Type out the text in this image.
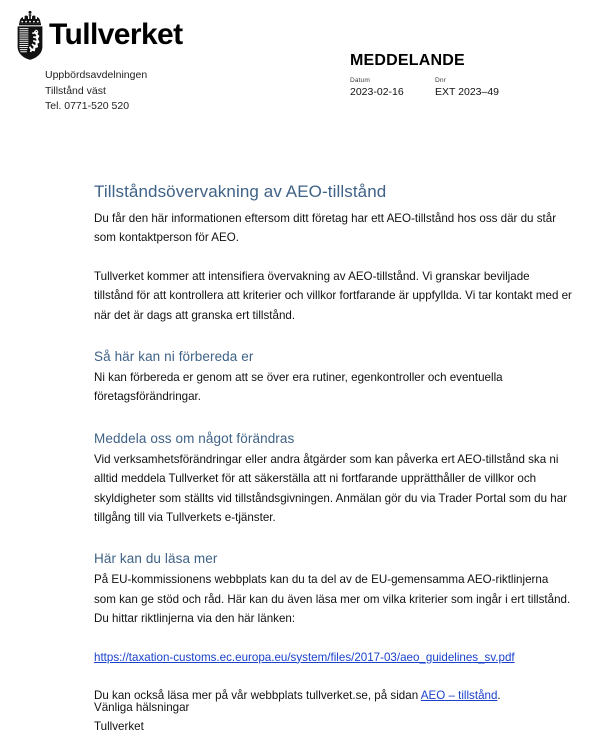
Tullverket
Uppbördsavdelningen
Tillstånd väst
Tel. 0771-520 520
MEDDELANDE
Datum
2023-02-16
Dnr
EXT 2023–49
Tillståndsövervakning av AEO-tillstånd

Du får den här informationen eftersom ditt företag har ett AEO-tillstånd hos oss där du står som kontaktperson för AEO.

Tullverket kommer att intensifiera övervakning av AEO-tillstånd. Vi granskar beviljade tillstånd för att kontrollera att kriterier och villkor fortfarande är uppfyllda. Vi tar kontakt med er när det är dags att granska ert tillstånd.

Så här kan ni förbereda er

Ni kan förbereda er genom att se över era rutiner, egenkontroller och eventuella företagsförändringar.

Meddela oss om något förändras

Vid verksamhetsförändringar eller andra åtgärder som kan påverka ert AEO-tillstånd ska ni alltid meddela Tullverket för att säkerställa att ni fortfarande upprätthåller de villkor och skyldigheter som ställts vid tillståndsgivningen. Anmälan gör du via Trader Portal som du har tillgång till via Tullverkets e-tjänster.

Här kan du läsa mer

På EU-kommissionens webbplats kan du ta del av de EU-gemensamma AEO-riktlinjerna som kan ge stöd och råd. Här kan du även läsa mer om vilka kriterier som ingår i ert tillstånd. Du hittar riktlinjerna via den här länken:

https://taxation-customs.ec.europa.eu/system/files/2017-03/aeo_guidelines_sv.pdf

Du kan också läsa mer på vår webbplats tullverket.se, på sidan AEO – tillstånd.

Vänliga hälsningar
Tullverket
